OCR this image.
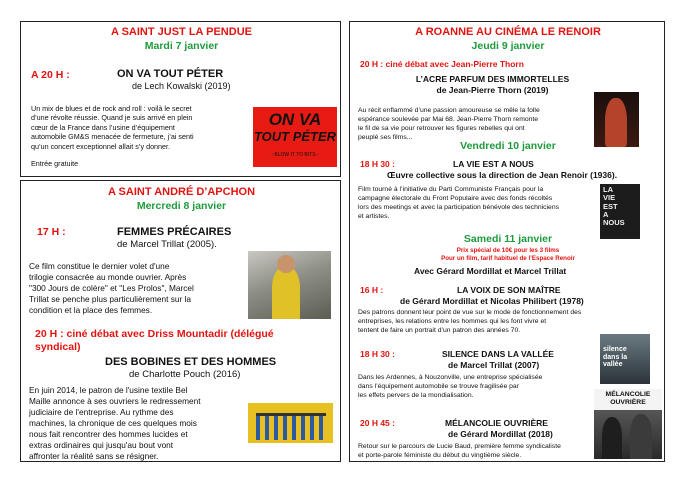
A SAINT JUST LA PENDUE
Mardi 7 janvier
A 20 H :	ON VA TOUT PÉTER
de Lech Kowalski (2019)
Un mix de blues et de rock and roll : voilà le secret
d’une révolte réussie. Quand je suis arrivé en plein
cœur de la France dans l’usine d’équipement
automobile GM&S menacée de fermeture, j’ai senti
qu’un concert exceptionnel allait s’y donner.
Entrée gratuite
ON VA
TOUT PÉTER
- BLOW IT TO BITS -
A SAINT ANDRÉ D’APCHON
Mercredi 8 janvier
17 H :	FEMMES PRÉCAIRES
de Marcel Trillat (2005).
Ce film constitue le dernier volet d'une
trilogie consacrée au monde ouvrier. Après
"300 Jours de colère" et "Les Prolos", Marcel
Trillat se penche plus particulièrement sur la
condition et la place des femmes.
20 H : ciné débat avec Driss Mountadir (délégué
syndical)
DES BOBINES ET DES HOMMES
de Charlotte Pouch (2016)
En juin 2014, le patron de l'usine textile Bel
Maille annonce à ses ouvriers le redressement
judiciaire de l'entreprise. Au rythme des
machines, la chronique de ces quelques mois
nous fait rencontrer des hommes lucides et
extras ordinaires qui jusqu'au bout vont
affronter la réalité sans se résigner.
A ROANNE AU CINÉMA LE RENOIR
Jeudi 9 janvier
20 H : ciné débat avec Jean-Pierre Thorn
L’ACRE PARFUM DES IMMORTELLES
de Jean-Pierre Thorn (2019)
Au récit enflammé d’une passion amoureuse se mêle la folle
espérance soulevée par Mai 68. Jean-Pierre Thorn remonte
le fil de sa vie pour retrouver les figures rebelles qui ont
peuplé ses films...
Vendredi 10 janvier
18 H 30 :	LA VIE EST A NOUS
Œuvre collective sous la direction de Jean Renoir (1936).
Film tourné à l’initiative du Parti Communiste Français pour la
campagne électorale du Front Populaire avec des fonds récoltés
lors des meetings et avec la participation bénévole des techniciens
et artistes.
LA
VIE
EST
A
NOUS
Samedi 11 janvier
Prix spécial de 10€ pour les 3 films
Pour un film, tarif habituel de l’Espace Renoir
Avec Gérard Mordillat et Marcel Trillat
16 H :	LA VOIX DE SON MAÎTRE
de Gérard Mordillat et Nicolas Philibert (1978)
Des patrons donnent leur point de vue sur le mode de fonctionnement des
entreprises, les relations entre les hommes qui les font vivre et
tentent de faire un portrait d’un patron des années 70.
18 H 30 :	SILENCE DANS LA VALLÉE
de Marcel Trillat (2007)
Dans les Ardennes, à Nouzonville, une entreprise spécialisée
dans l’équipement automobile se trouve fragilisée par
les effets pervers de la mondialisation.
silence
dans la
vallée
20 H 45 :	MÉLANCOLIE OUVRIÈRE
de Gérard Mordillat (2018)
Retour sur le parcours de Lucie Baud, première femme syndicaliste
et porte-parole féministe du début du vingtième siècle.
MÉLANCOLIE
OUVRIÈRE
